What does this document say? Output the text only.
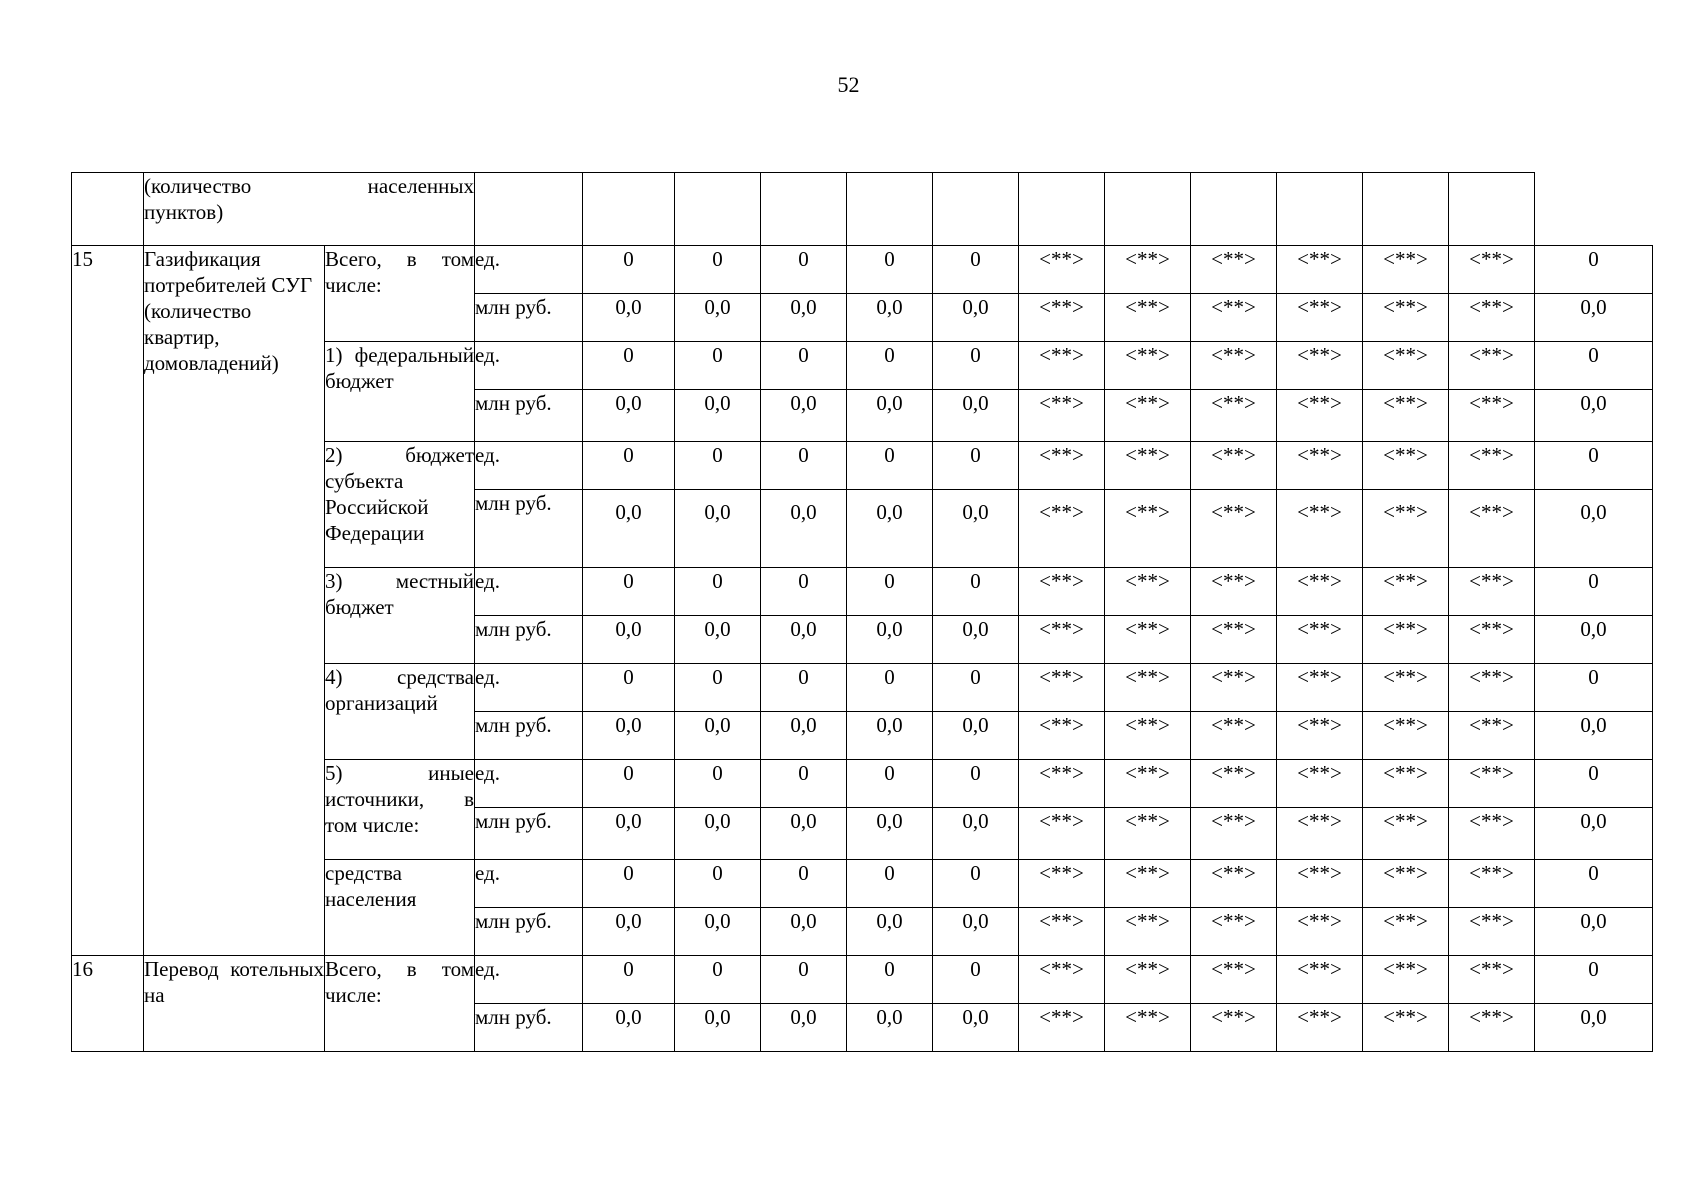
52

	(количество населенных
пунктов)														
15	Газификация потребителей СУГ (количество квартир, домовладений)	Всего, в том числе:	ед.	0	0	0	0	0	<**>	<**>	<**>	<**>	<**>	<**>	0
			млн руб.	0,0	0,0	0,0	0,0	0,0	<**>	<**>	<**>	<**>	<**>	<**>	0,0
		1) федеральный бюджет	ед.	0	0	0	0	0	<**>	<**>	<**>	<**>	<**>	<**>	0
			млн руб.	0,0	0,0	0,0	0,0	0,0	<**>	<**>	<**>	<**>	<**>	<**>	0,0
		2) бюджет субъекта Российской Федерации	ед.	0	0	0	0	0	<**>	<**>	<**>	<**>	<**>	<**>	0
			млн руб.	0,0	0,0	0,0	0,0	0,0	<**>	<**>	<**>	<**>	<**>	<**>	0,0
		3) местный бюджет	ед.	0	0	0	0	0	<**>	<**>	<**>	<**>	<**>	<**>	0
			млн руб.	0,0	0,0	0,0	0,0	0,0	<**>	<**>	<**>	<**>	<**>	<**>	0,0
		4) средства организаций	ед.	0	0	0	0	0	<**>	<**>	<**>	<**>	<**>	<**>	0
			млн руб.	0,0	0,0	0,0	0,0	0,0	<**>	<**>	<**>	<**>	<**>	<**>	0,0
		5) иные источники, в том числе:	ед.	0	0	0	0	0	<**>	<**>	<**>	<**>	<**>	<**>	0
			млн руб.	0,0	0,0	0,0	0,0	0,0	<**>	<**>	<**>	<**>	<**>	<**>	0,0
		средства населения	ед.	0	0	0	0	0	<**>	<**>	<**>	<**>	<**>	<**>	0
			млн руб.	0,0	0,0	0,0	0,0	0,0	<**>	<**>	<**>	<**>	<**>	<**>	0,0
16	Перевод котельных на	Всего, в том числе:	ед.	0	0	0	0	0	<**>	<**>	<**>	<**>	<**>	<**>	0
			млн руб.	0,0	0,0	0,0	0,0	0,0	<**>	<**>	<**>	<**>	<**>	<**>	0,0
